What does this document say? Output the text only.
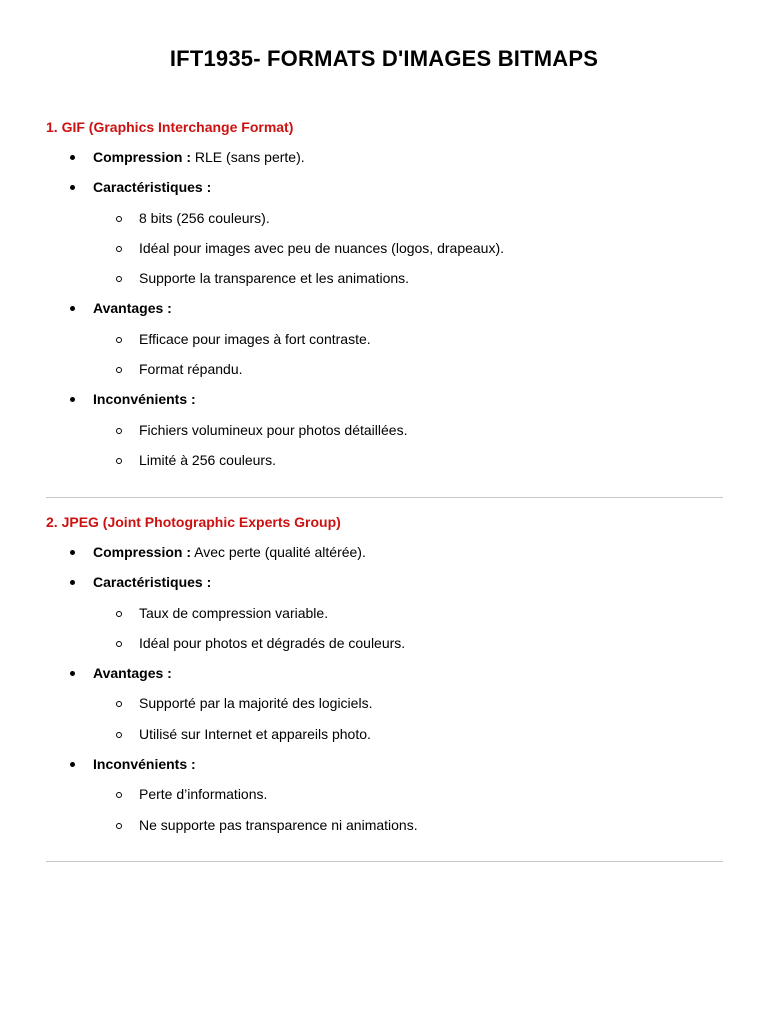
IFT1935- FORMATS D'IMAGES BITMAPS
1. GIF (Graphics Interchange Format)
Compression : RLE (sans perte).
Caractéristiques :
8 bits (256 couleurs).
Idéal pour images avec peu de nuances (logos, drapeaux).
Supporte la transparence et les animations.
Avantages :
Efficace pour images à fort contraste.
Format répandu.
Inconvénients :
Fichiers volumineux pour photos détaillées.
Limité à 256 couleurs.
2. JPEG (Joint Photographic Experts Group)
Compression : Avec perte (qualité altérée).
Caractéristiques :
Taux de compression variable.
Idéal pour photos et dégradés de couleurs.
Avantages :
Supporté par la majorité des logiciels.
Utilisé sur Internet et appareils photo.
Inconvénients :
Perte d’informations.
Ne supporte pas transparence ni animations.
